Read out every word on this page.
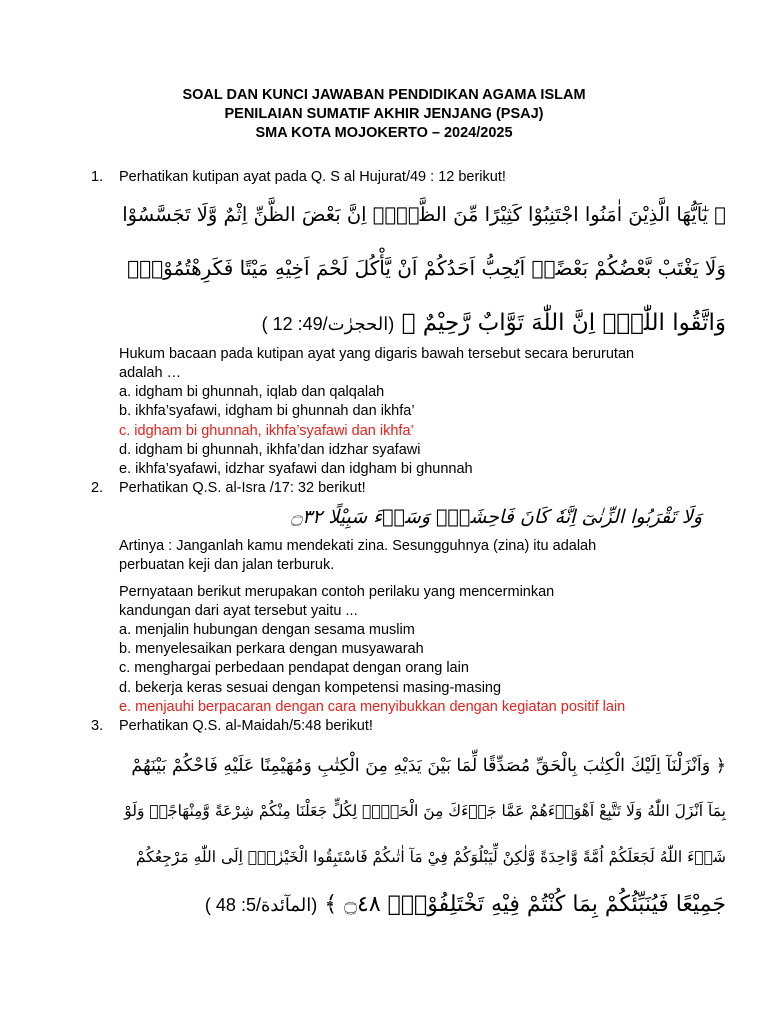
SOAL DAN KUNCI JAWABAN PENDIDIKAN AGAMA ISLAM
PENILAIAN SUMATIF AKHIR JENJANG (PSAJ)
SMA KOTA MOJOKERTO – 2024/2025
1.	Perhatikan kutipan ayat pada Q. S al Hujurat/49 : 12 berikut!
﴿ يٰٓاَيُّهَا الَّذِيْنَ اٰمَنُوا اجْتَنِبُوْا كَثِيْرًا مِّنَ الظَّنِّۖ اِنَّ بَعْضَ الظَّنِّ اِثْمٌ وَّلَا تَجَسَّسُوْا
وَلَا يَغْتَبْ بَّعْضُكُمْ بَعْضًاۗ اَيُحِبُّ اَحَدُكُمْ اَنْ يَّأْكُلَ لَحْمَ اَخِيْهِ مَيْتًا فَكَرِهْتُمُوْهُۗ
وَاتَّقُوا اللّٰهَۗ اِنَّ اللّٰهَ تَوَّابٌ رَّحِيْمٌ ﴾ ( الحجرٰت/49: 12)
Hukum bacaan pada kutipan ayat yang digaris bawah tersebut secara berurutan
adalah …
a. idgham bi ghunnah, iqlab dan qalqalah
b. ikhfa’syafawi, idgham bi ghunnah dan ikhfa’
c. idgham bi ghunnah, ikhfa’syafawi dan ikhfa’
d. idgham bi ghunnah, ikhfa’dan idzhar syafawi
e. ikhfa’syafawi, idzhar syafawi dan idgham bi ghunnah
2.	Perhatikan Q.S. al-Isra /17: 32 berikut!
وَلَا تَقْرَبُوا الزِّنٰىٓ اِنَّهٗ كَانَ فَاحِشَةًۗ وَسَاۤءَ سَبِيْلًا ۝٣٢
Artinya : Janganlah kamu mendekati zina. Sesungguhnya (zina) itu adalah
perbuatan keji dan jalan terburuk.
Pernyataan berikut merupakan contoh perilaku yang mencerminkan
kandungan dari ayat tersebut yaitu ...
a. menjalin hubungan dengan sesama muslim
b. menyelesaikan perkara dengan musyawarah
c. menghargai perbedaan pendapat dengan orang lain
d. bekerja keras sesuai dengan kompetensi masing-masing
e. menjauhi berpacaran dengan cara menyibukkan dengan kegiatan positif lain
3.	Perhatikan Q.S. al-Maidah/5:48 berikut!
﴿ وَاَنْزَلْنَآ اِلَيْكَ الْكِتٰبَ بِالْحَقِّ مُصَدِّقًا لِّمَا بَيْنَ يَدَيْهِ مِنَ الْكِتٰبِ وَمُهَيْمِنًا عَلَيْهِ فَاحْكُمْ بَيْنَهُمْ
بِمَآ اَنْزَلَ اللّٰهُ وَلَا تَتَّبِعْ اَهْوَاۤءَهُمْ عَمَّا جَاۤءَكَ مِنَ الْحَقِّۗ لِكُلٍّ جَعَلْنَا مِنْكُمْ شِرْعَةً وَّمِنْهَاجًاۗ وَلَوْ
شَاۤءَ اللّٰهُ لَجَعَلَكُمْ اُمَّةً وَّاحِدَةً وَّلٰكِنْ لِّيَبْلُوَكُمْ فِيْ مَآ اٰتٰىكُمْ فَاسْتَبِقُوا الْخَيْرٰتِۗ اِلَى اللّٰهِ مَرْجِعُكُمْ
جَمِيْعًا فَيُنَبِّئُكُمْ بِمَا كُنْتُمْ فِيْهِ تَخْتَلِفُوْنَۙ ۝٤٨ ﴾ ( المآئدة/5: 48)
